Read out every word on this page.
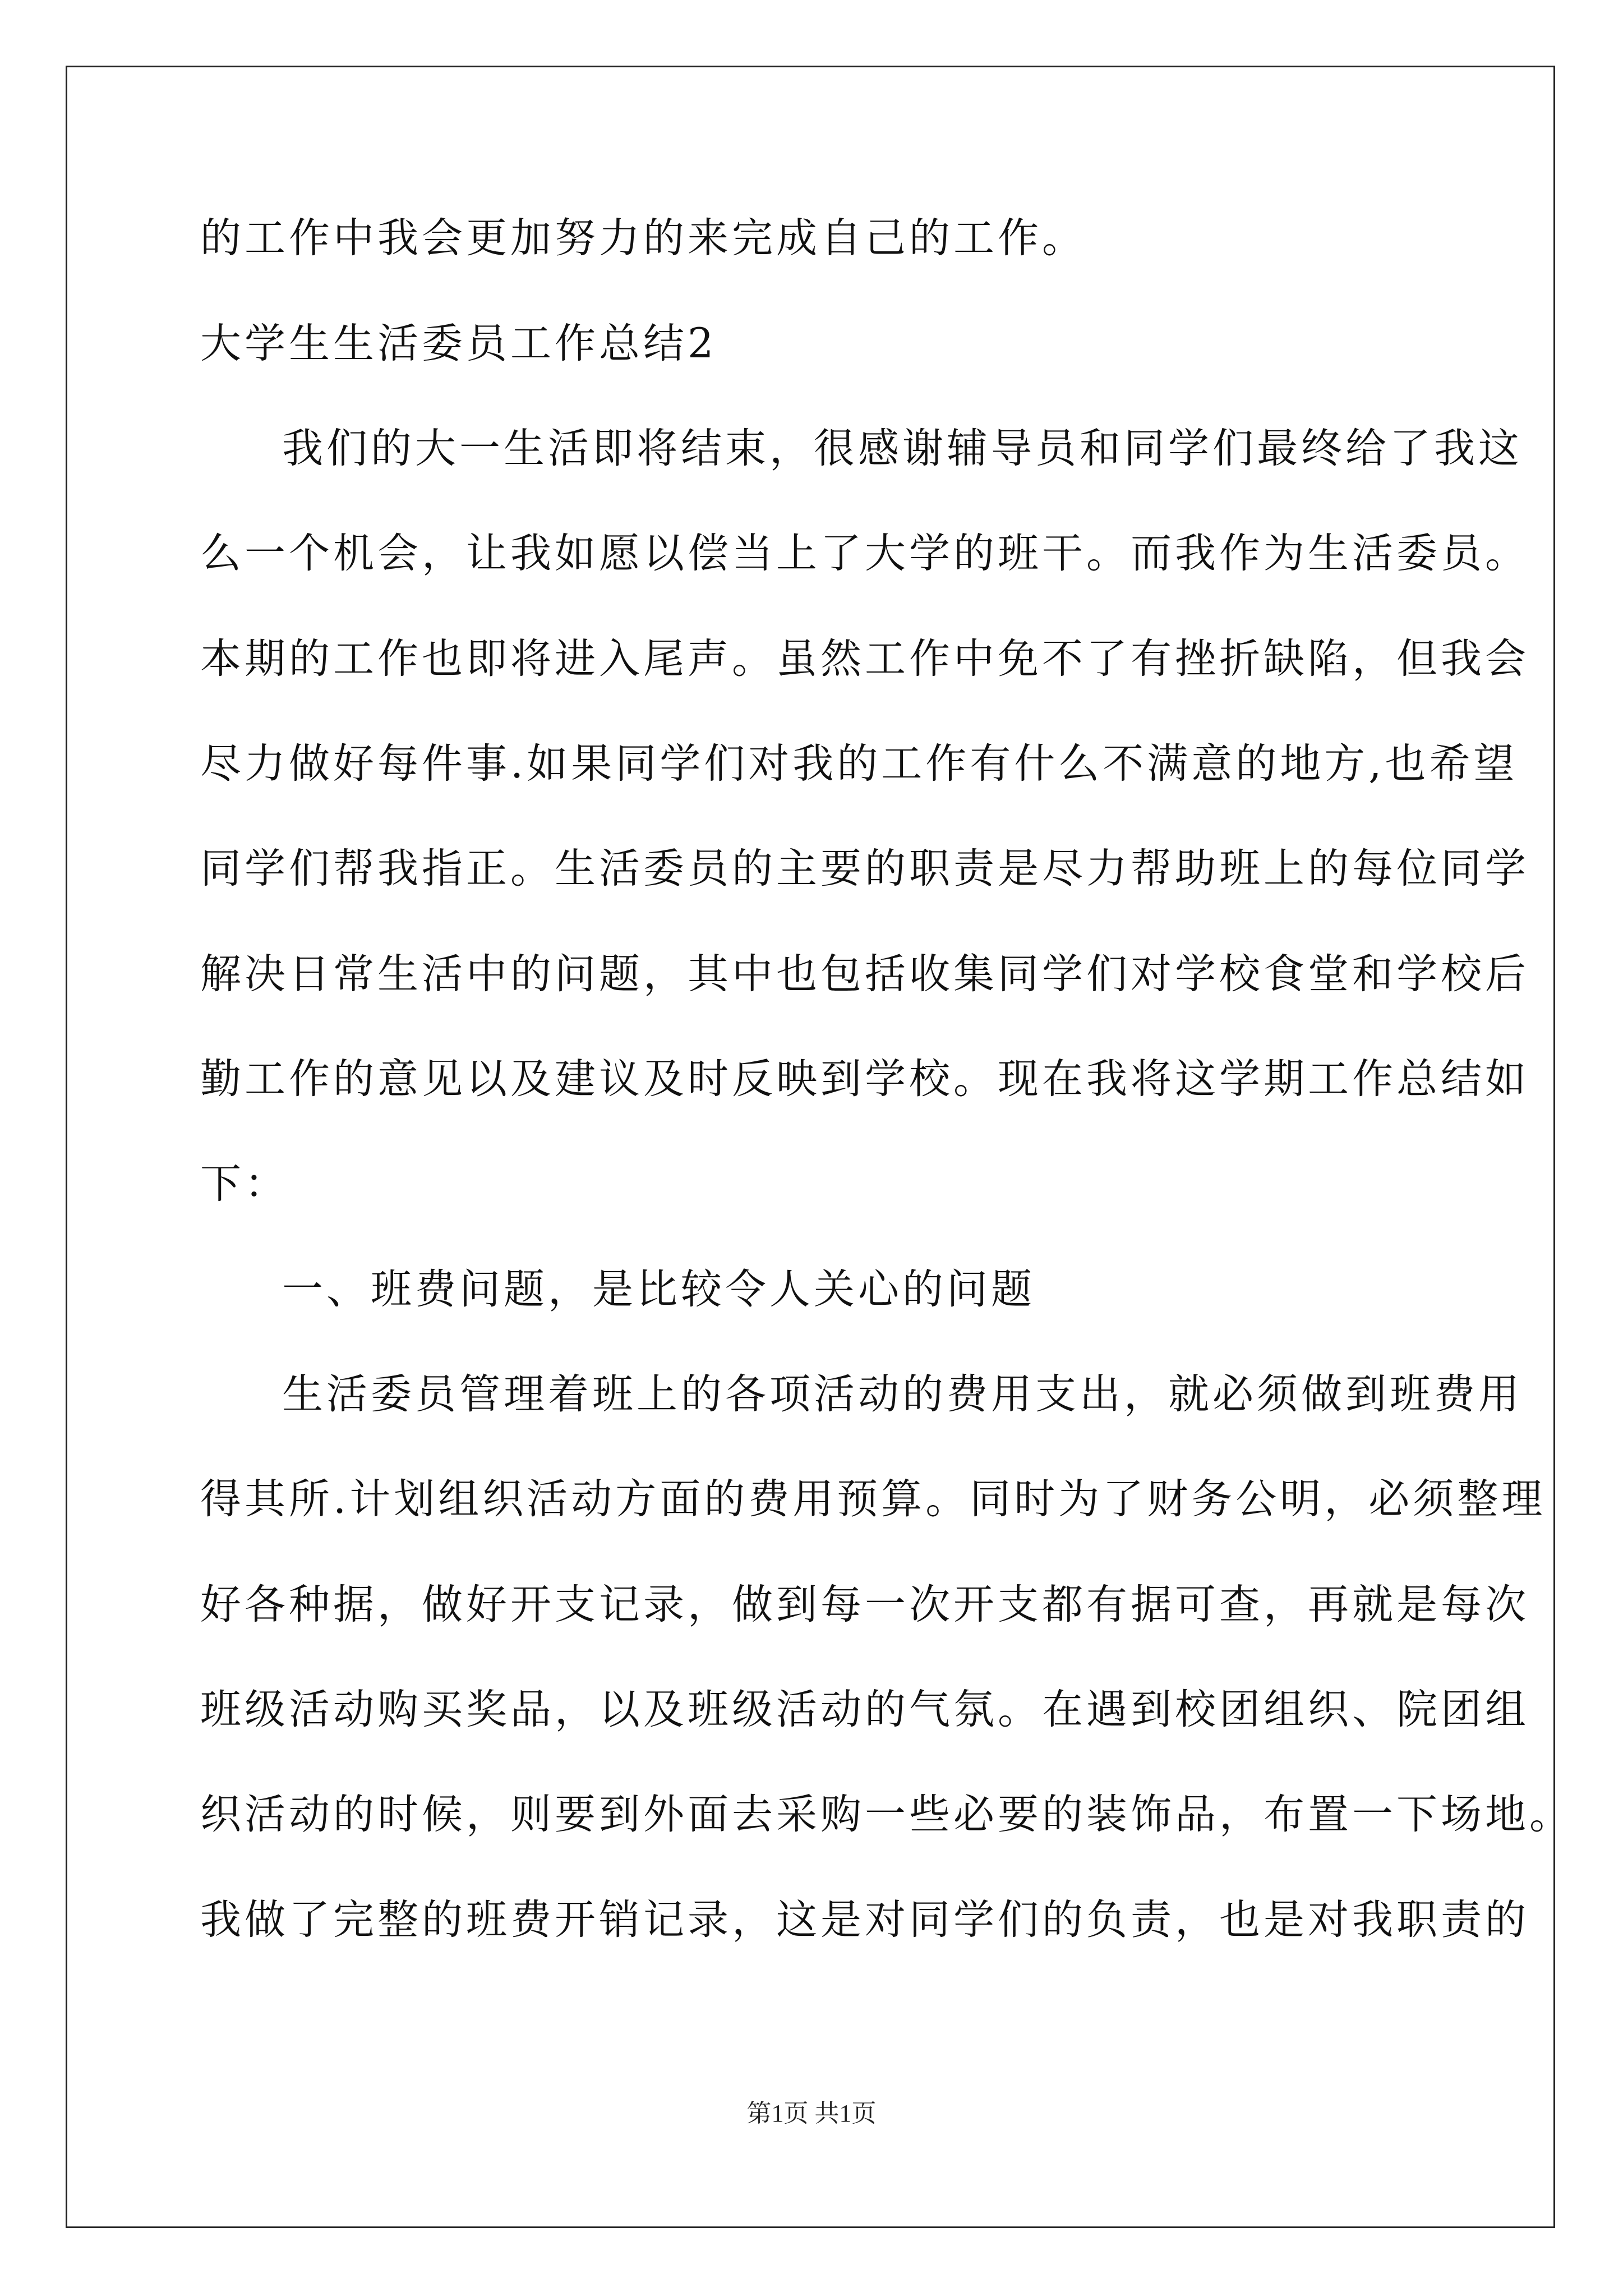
的工作中我会更加努力的来完成自己的工作。
大学生生活委员工作总结2
我们的大一生活即将结束，很感谢辅导员和同学们最终给了我这
么一个机会，让我如愿以偿当上了大学的班干。而我作为生活委员。
本期的工作也即将进入尾声。虽然工作中免不了有挫折缺陷，但我会
尽力做好每件事.如果同学们对我的工作有什么不满意的地方,也希望
同学们帮我指正。生活委员的主要的职责是尽力帮助班上的每位同学
解决日常生活中的问题，其中也包括收集同学们对学校食堂和学校后
勤工作的意见以及建议及时反映到学校。现在我将这学期工作总结如
下：
一、班费问题，是比较令人关心的问题
生活委员管理着班上的各项活动的费用支出，就必须做到班费用
得其所.计划组织活动方面的费用预算。同时为了财务公明，必须整理
好各种据，做好开支记录，做到每一次开支都有据可查，再就是每次
班级活动购买奖品，以及班级活动的气氛。在遇到校团组织、院团组
织活动的时候，则要到外面去采购一些必要的装饰品，布置一下场地。
我做了完整的班费开销记录，这是对同学们的负责，也是对我职责的
第1页 共1页
